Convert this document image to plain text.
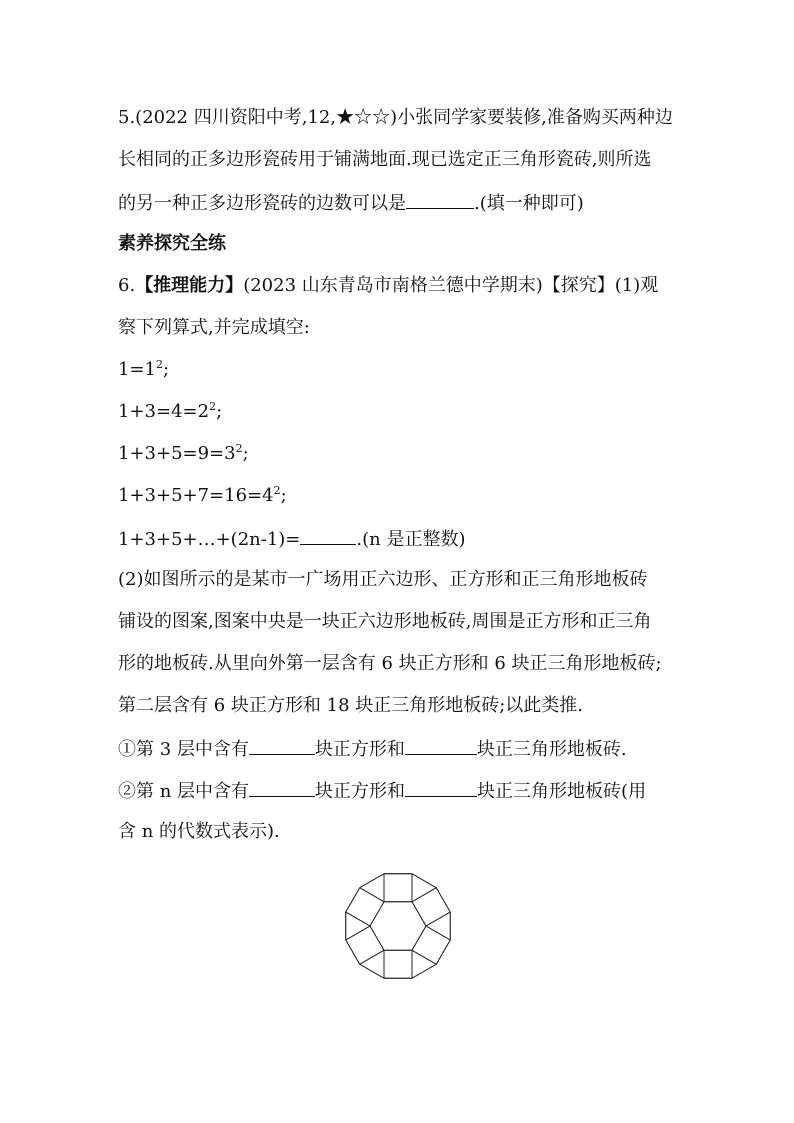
5.(2022 四川资阳中考,12,★☆☆)小张同学家要装修,准备购买两种边
长相同的正多边形瓷砖用于铺满地面.现已选定正三角形瓷砖,则所选
的另一种正多边形瓷砖的边数可以是	.(填一种即可)
素养探究全练
6.【推理能力】(2023 山东青岛市南格兰德中学期末)【探究】(1)观
察下列算式,并完成填空:
$1=1^2$;
$1+3=4=2^2$;
$1+3+5=9=3^2$;
$1+3+5+7=16=4^2$;
1+3+5+…+(2n-1)=	.(n 是正整数)
(2)如图所示的是某市一广场用正六边形、正方形和正三角形地板砖
铺设的图案,图案中央是一块正六边形地板砖,周围是正方形和正三角
形的地板砖.从里向外第一层含有 6 块正方形和 6 块正三角形地板砖;
第二层含有 6 块正方形和 18 块正三角形地板砖;以此类推.
①第 3 层中含有	块正方形和	块正三角形地板砖.
②第 n 层中含有	块正方形和	块正三角形地板砖(用
含 n 的代数式表示).
